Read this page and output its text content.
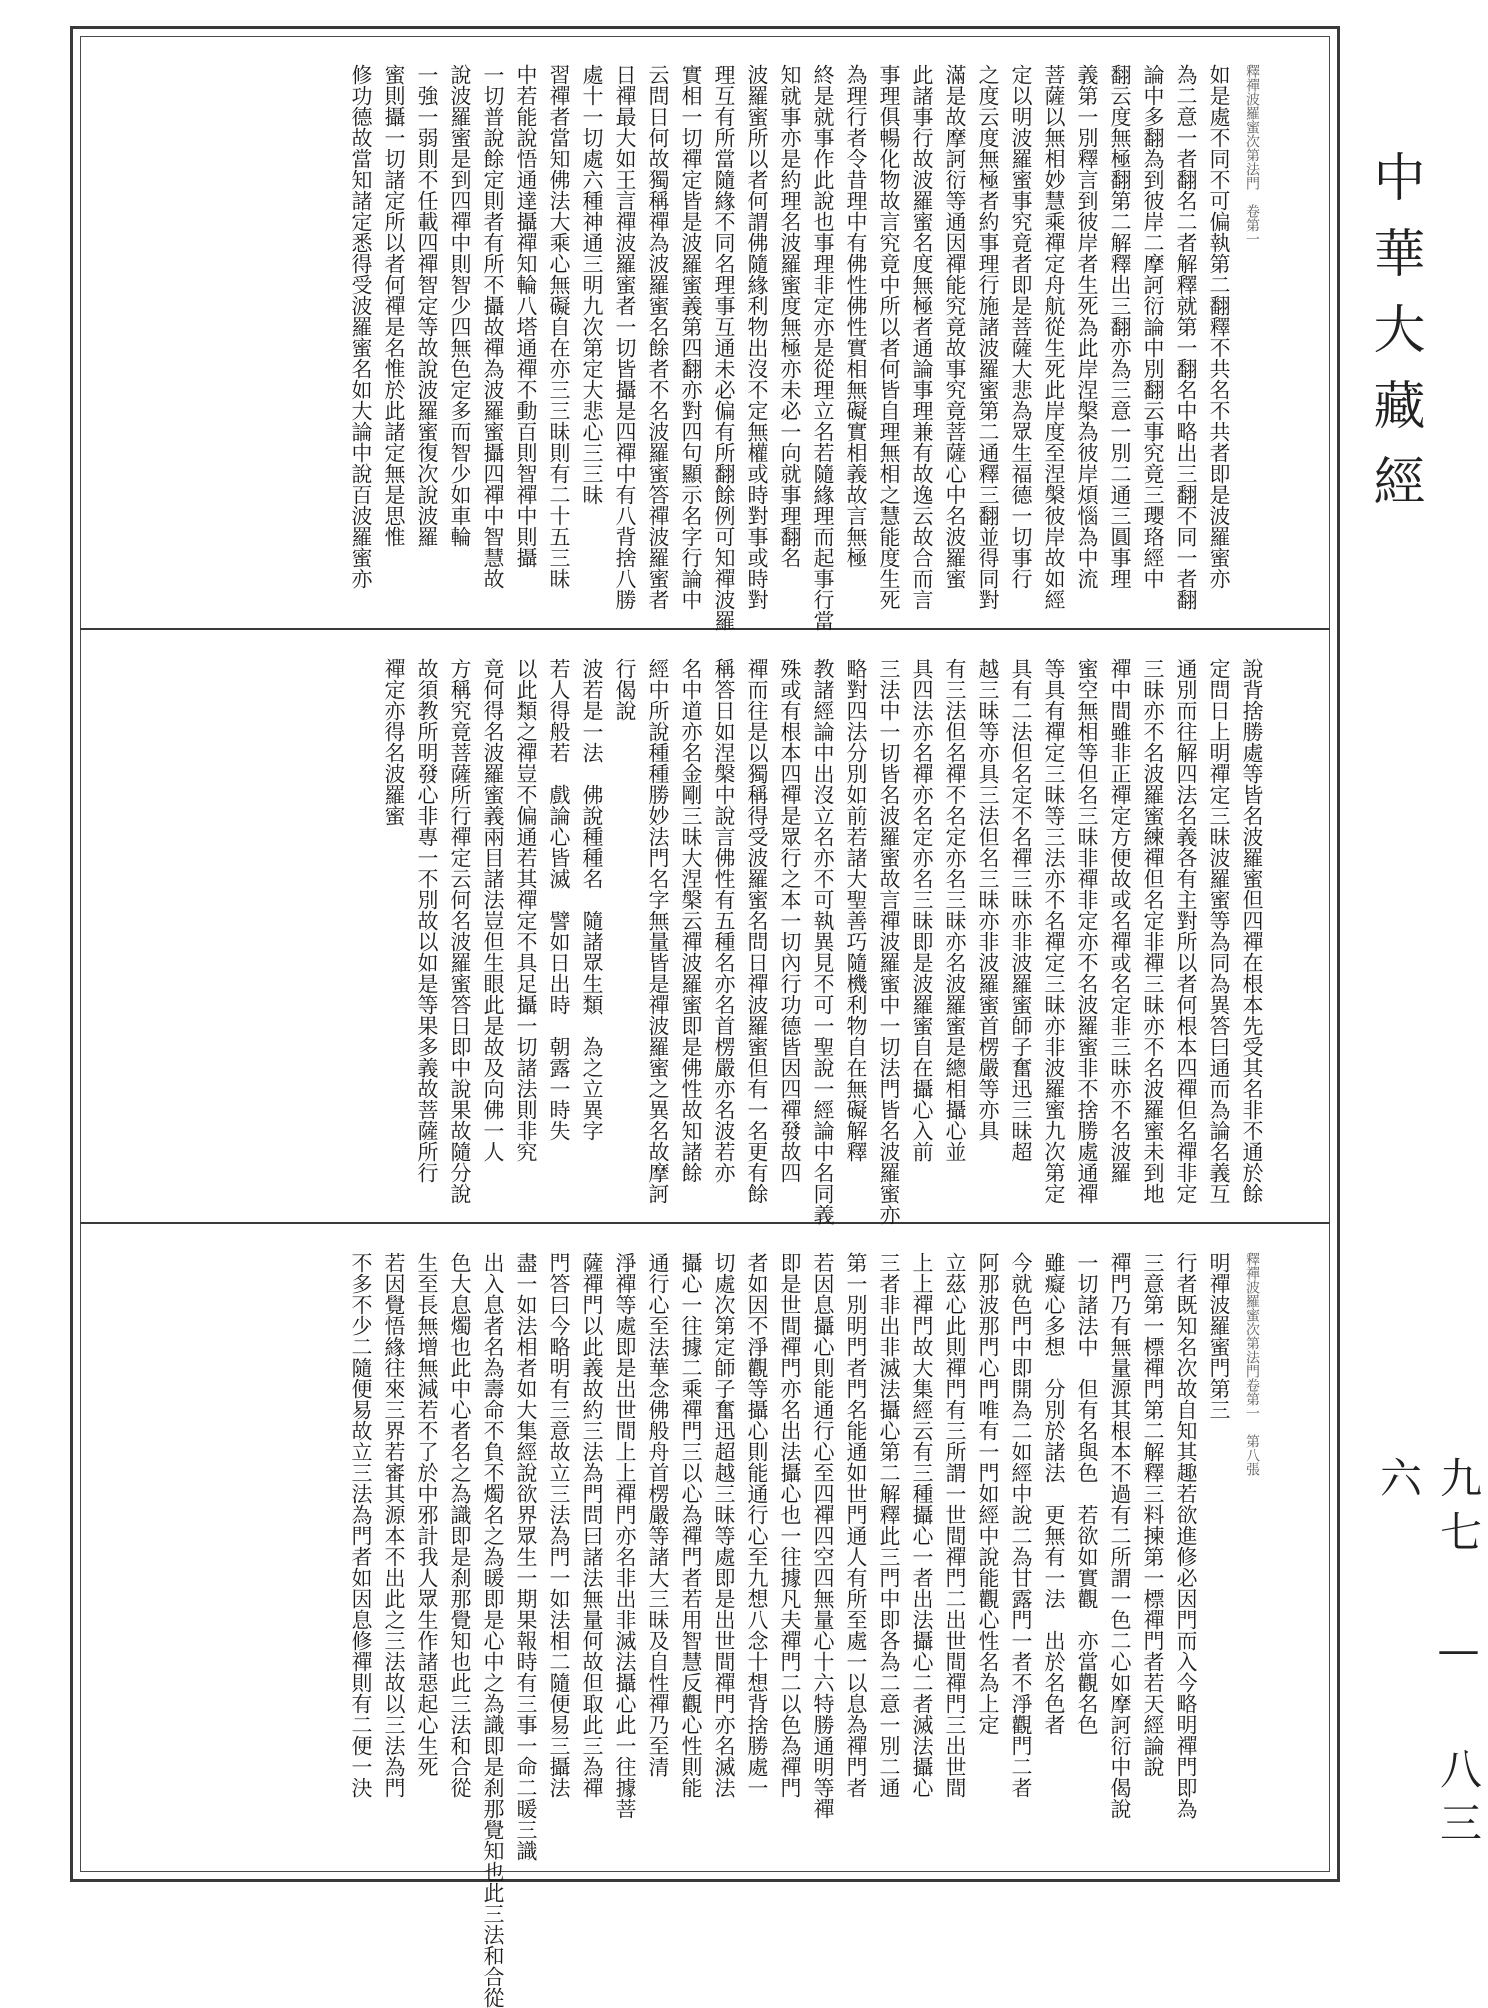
釋禪波羅蜜次第法門　卷第一
如是處不同不可偏執第二翻釋不共名不共者即是波羅蜜亦
為二意一者翻名二者解釋就第一翻名中略出三翻不同一者翻
論中多翻為到彼岸二摩訶衍論中別翻云事究竟三瓔珞經中
翻云度無極翻第二解釋出三翻亦為三意一別二通三圓事理
義第一別釋言到彼岸者生死為此岸涅槃為彼岸煩惱為中流
菩薩以無相妙慧乘禪定舟航從生死此岸度至涅槃彼岸故如經
定以明波羅蜜事究竟者即是菩薩大悲為眾生福德一切事行
之度云度無極者約事理行施諸波羅蜜第二通釋三翻並得同對
滿是故摩訶衍等通因禪能究竟故事究竟菩薩心中名波羅蜜
此諸事行故波羅蜜名度無極者通論事理兼有故逸云故合而言
事理俱暢化物故言究竟中所以者何皆自理無相之慧能度生死
為理行者令昔理中有佛性佛性實相無礙實相義故言無極
終是就事作此說也事理非定亦是從理立名若隨緣理而起事行當
知就事亦是約理名波羅蜜度無極亦未必一向就事理翻名
波羅蜜所以者何謂佛隨緣利物出沒不定無權或時對事或時對
理互有所當隨緣不同名理事互通未必偏有所翻餘例可知禪波羅
實相一切禪定皆是波羅蜜義第四翻亦對四句顯示名字行論中
云問日何故獨稱禪為波羅蜜名餘者不名波羅蜜答禪波羅蜜者
日禪最大如王言禪波羅蜜者一切皆攝是四禪中有八背捨八勝
處十一切處六種神通三明九次第定大悲心三三昧
習禪者當知佛法大乘心無礙自在亦三三昧則有二十五三昧
中若能說悟通達攝禪知輪八塔通禪不動百則智禪中則攝
一切普說餘定則者有所不攝故禪為波羅蜜攝四禪中智慧故
說波羅蜜是到四禪中則智少四無色定多而智少如車輪
一強一弱則不任載四禪智定等故說波羅蜜復次說波羅
蜜則攝一切諸定所以者何禪是名惟於此諸定無是思惟
修功德故當知諸定悉得受波羅蜜名如大論中說百波羅蜜亦
說背捨勝處等皆名波羅蜜但四禪在根本先受其名非不通於餘
定問日上明禪定三昧波羅蜜等為同為異答曰通而為論名義互
通別而往解四法名義各有主對所以者何根本四禪但名禪非定
三昧亦不名波羅蜜練禪但名定非禪三昧亦不名波羅蜜未到地
禪中間雖非正禪定方便故或名禪或名定非三昧亦不名波羅
蜜空無相等但名三昧非禪非定亦不名波羅蜜非不捨勝處通禪
等具有禪定三昧等三法亦不名禪定三昧亦非波羅蜜九次第定
具有二法但名定不名禪三昧亦非波羅蜜師子奮迅三昧超
越三昧等亦具三法但名三昧亦非波羅蜜首楞嚴等亦具
有三法但名禪不名定亦名三昧亦名波羅蜜是總相攝心並
具四法亦名禪亦名定亦名三昧即是波羅蜜自在攝心入前
三法中一切皆名波羅蜜故言禪波羅蜜中一切法門皆名波羅蜜亦
略對四法分別如前若諸大聖善巧隨機利物自在無礙解釋
教諸經論中出沒立名亦不可執異見不可一聖說一經論中名同義
殊或有根本四禪是眾行之本一切內行功德皆因四禪發故四
禪而往是以獨稱得受波羅蜜名問日禪波羅蜜但有一名更有餘
稱答日如涅槃中說言佛性有五種名亦名首楞嚴亦名波若亦
名中道亦名金剛三昧大涅槃云禪波羅蜜即是佛性故知諸餘
經中所說種種勝妙法門名字無量皆是禪波羅蜜之異名故摩訶
行偈說
波若是一法　佛說種種名　隨諸眾生類　為之立異字
若人得般若　戲論心皆滅　譬如日出時　朝露一時失
以此類之禪豈不偏通若其禪定不具足攝一切諸法則非究
竟何得名波羅蜜義兩目諸法豈但生眼此是故及向佛一人
方稱究竟菩薩所行禪定云何名波羅蜜答日即中說果故隨分說
故須教所明發心非專一不別故以如是等果多義故菩薩所行
禪定亦得名波羅蜜
釋禪波羅蜜次第法門卷第一　第八張
明禪波羅蜜門第三
行者既知名次故自知其趣若欲進修必因門而入今略明禪門即為
三意第一標禪門第二解釋三料揀第一標禪門者若天經論說
禪門乃有無量源其根本不過有二所謂一色二心如摩訶衍中偈說
一切諸法中　但有名與色　若欲如實觀　亦當觀名色
雖癡心多想　分別於諸法　更無有一法　出於名色者
今就色門中即開為二如經中說二為甘露門一者不淨觀門二者
阿那波那門心門唯有一門如經中說能觀心性名為上定
立茲心此則禪門有三所謂一世間禪門二出世間禪門三出世間
上上禪門故大集經云有三種攝心一者出法攝心二者滅法攝心
三者非出非滅法攝心第二解釋此三門中即各為二意一別二通
第一別明門者門名能通如世門通人有所至處一以息為禪門者
若因息攝心則能通行心至四禪四空四無量心十六特勝通明等禪
即是世間禪門亦名出法攝心也一往據凡夫禪門二以色為禪門
者如因不淨觀等攝心則能通行心至九想八念十想背捨勝處一
切處次第定師子奮迅超越三昧等處即是出世間禪門亦名滅法
攝心一往據二乘禪門三以心為禪門者若用智慧反觀心性則能
通行心至法華念佛般舟首楞嚴等諸大三昧及自性禪乃至清
淨禪等處即是出世間上上禪門亦名非出非滅法攝心此一往據菩
薩禪門以此義故約三法為門問曰諸法無量何故但取此三為禪
門答曰今略明有三意故立三法為門一如法相二隨便易三攝法
盡一如法相者如大集經說欲界眾生一期果報時有三事一命二暖三識
出入息者名為壽命不負不燭名之為暖即是心中之為識即是刹那覺知也此三法和合從
色大息燭也此中心者名之為識即是刹那覺知也此三法和合從
生至長無增無減若不了於中邪計我人眾生作諸惡起心生死
若因覺悟緣往來三界若審其源本不出此之三法故以三法為門
不多不少二隨便易故立三法為門者如因息修禪則有二便一決
中華大藏經
九七 — 八三六
